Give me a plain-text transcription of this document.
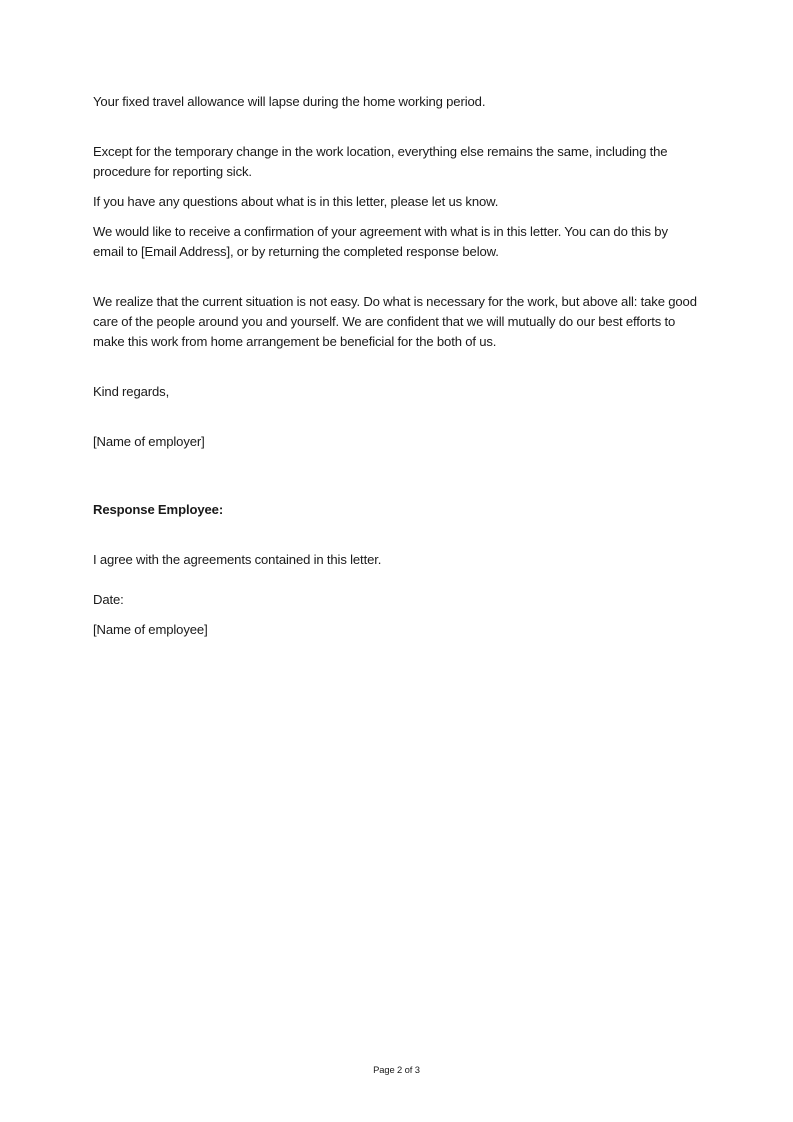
Your fixed travel allowance will lapse during the home working period.

Except for the temporary change in the work location, everything else remains the same, including the procedure for reporting sick.

If you have any questions about what is in this letter, please let us know.

We would like to receive a confirmation of your agreement with what is in this letter. You can do this by email to [Email Address], or by returning the completed response below.

We realize that the current situation is not easy. Do what is necessary for the work, but above all: take good care of the people around you and yourself. We are confident that we will mutually do our best efforts to make this work from home arrangement be beneficial for the both of us.

Kind regards,

[Name of employer]

Response Employee:

I agree with the agreements contained in this letter.

Date:

[Name of employee]

Page 2 of 3
